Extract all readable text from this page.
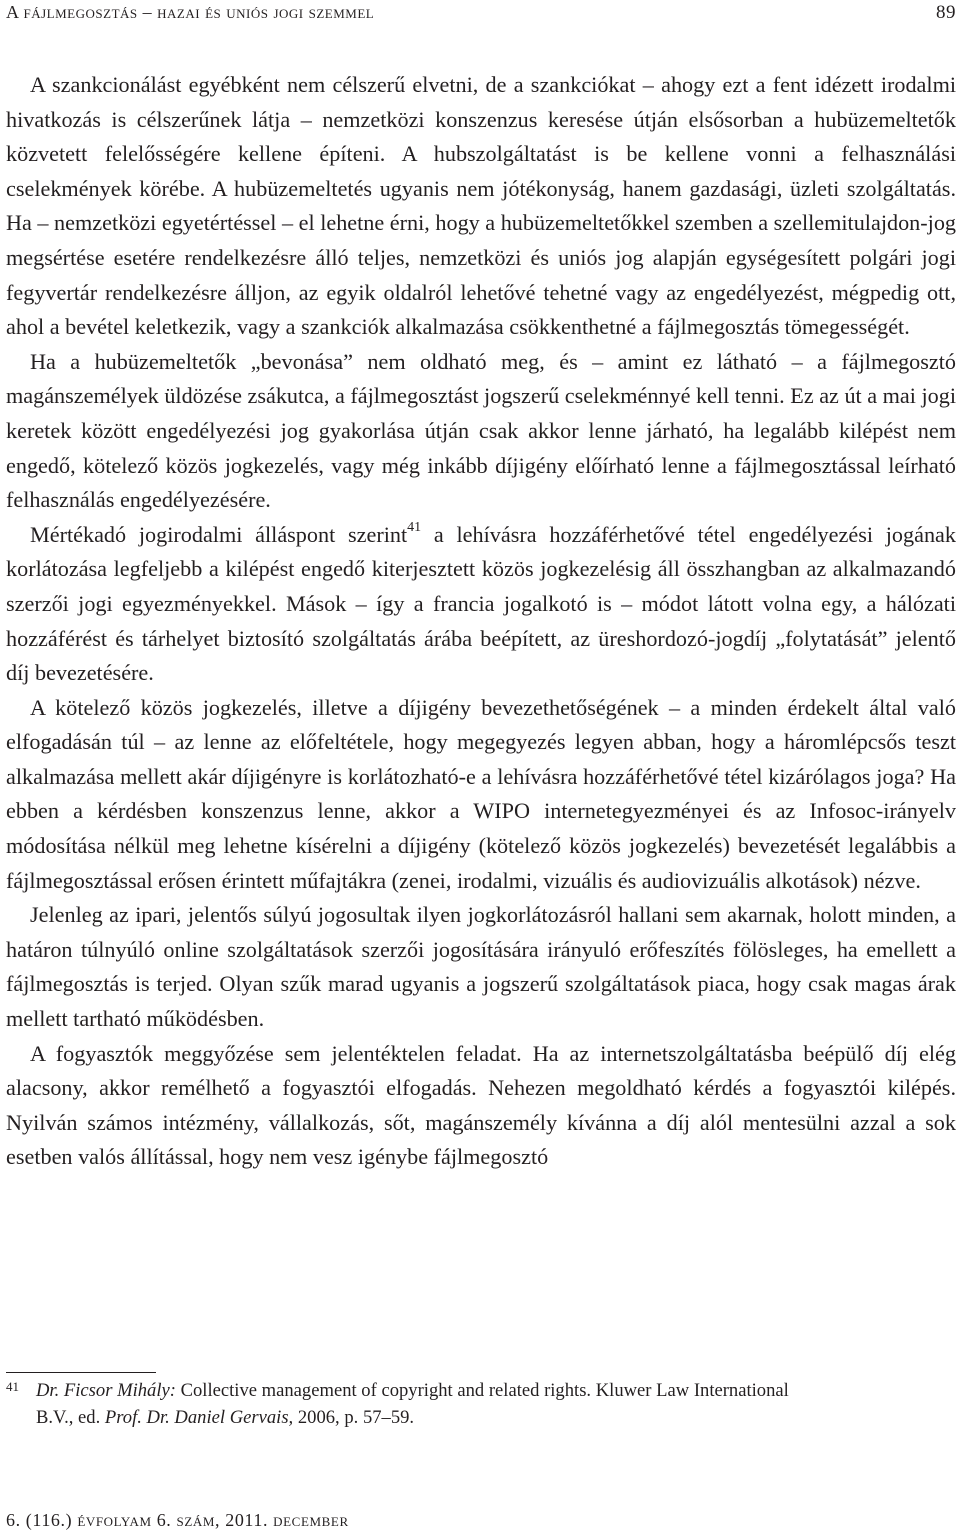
A fájlmegosztás – hazai és uniós jogi szemmel	89

A szankcionálást egyébként nem célszerű elvetni, de a szankciókat – ahogy ezt a fent idézett irodalmi hivatkozás is célszerűnek látja – nemzetközi konszenzus keresése útján elsősorban a hubüzemeltetők közvetett felelősségére kellene építeni. A hubszolgáltatást is be kellene vonni a felhasználási cselekmények körébe. A hubüzemeltetés ugyanis nem jótékonyság, hanem gazdasági, üzleti szolgáltatás. Ha – nemzetközi egyetértéssel – el lehetne érni, hogy a hubüzemeltetőkkel szemben a szellemitulajdon-jog megsértése esetére rendelkezésre álló teljes, nemzetközi és uniós jog alapján egységesített polgári jogi fegyvertár rendelkezésre álljon, az egyik oldalról lehetővé tehetné vagy az engedélyezést, mégpedig ott, ahol a bevétel keletkezik, vagy a szankciók alkalmazása csökkenthetné a fájlmegosztás tömegességét.

Ha a hubüzemeltetők „bevonása” nem oldható meg, és – amint ez látható – a fájlmegosztó magánszemélyek üldözése zsákutca, a fájlmegosztást jogszerű cselekménnyé kell tenni. Ez az út a mai jogi keretek között engedélyezési jog gyakorlása útján csak akkor lenne járható, ha legalább kilépést nem engedő, kötelező közös jogkezelés, vagy még inkább díjigény előírható lenne a fájlmegosztással leírható felhasználás engedélyezésére.

Mértékadó jogirodalmi álláspont szerint$^{41}$ a lehívásra hozzáférhetővé tétel engedélyezési jogának korlátozása legfeljebb a kilépést engedő kiterjesztett közös jogkezelésig áll összhangban az alkalmazandó szerzői jogi egyezményekkel. Mások – így a francia jogalkotó is – módot látott volna egy, a hálózati hozzáférést és tárhelyet biztosító szolgáltatás árába beépített, az üreshordozó-jogdíj „folytatását” jelentő díj bevezetésére.

A kötelező közös jogkezelés, illetve a díjigény bevezethetőségének – a minden érdekelt által való elfogadásán túl – az lenne az előfeltétele, hogy megegyezés legyen abban, hogy a háromlépcsős teszt alkalmazása mellett akár díjigényre is korlátozható-e a lehívásra hozzáférhetővé tétel kizárólagos joga? Ha ebben a kérdésben konszenzus lenne, akkor a WIPO internetegyezményei és az Infosoc-irányelv módosítása nélkül meg lehetne kísérelni a díjigény (kötelező közös jogkezelés) bevezetését legalábbis a fájlmegosztással erősen érintett műfajtákra (zenei, irodalmi, vizuális és audiovizuális alkotások) nézve.

Jelenleg az ipari, jelentős súlyú jogosultak ilyen jogkorlátozásról hallani sem akarnak, holott minden, a határon túlnyúló online szolgáltatások szerzői jogosítására irányuló erőfeszítés fölösleges, ha emellett a fájlmegosztás is terjed. Olyan szűk marad ugyanis a jogszerű szolgáltatások piaca, hogy csak magas árak mellett tartható működésben.

A fogyasztók meggyőzése sem jelentéktelen feladat. Ha az internetszolgáltatásba beépülő díj elég alacsony, akkor remélhető a fogyasztói elfogadás. Nehezen megoldható kérdés a fogyasztói kilépés. Nyilván számos intézmény, vállalkozás, sőt, magánszemély kívánna a díj alól mentesülni azzal a sok esetben valós állítással, hogy nem vesz igénybe fájlmegosztó

41 Dr. Ficsor Mihály: Collective management of copyright and related rights. Kluwer Law International
B.V., ed. Prof. Dr. Daniel Gervais, 2006, p. 57–59.
6. (116.) évfolyam 6. szám, 2011. december
